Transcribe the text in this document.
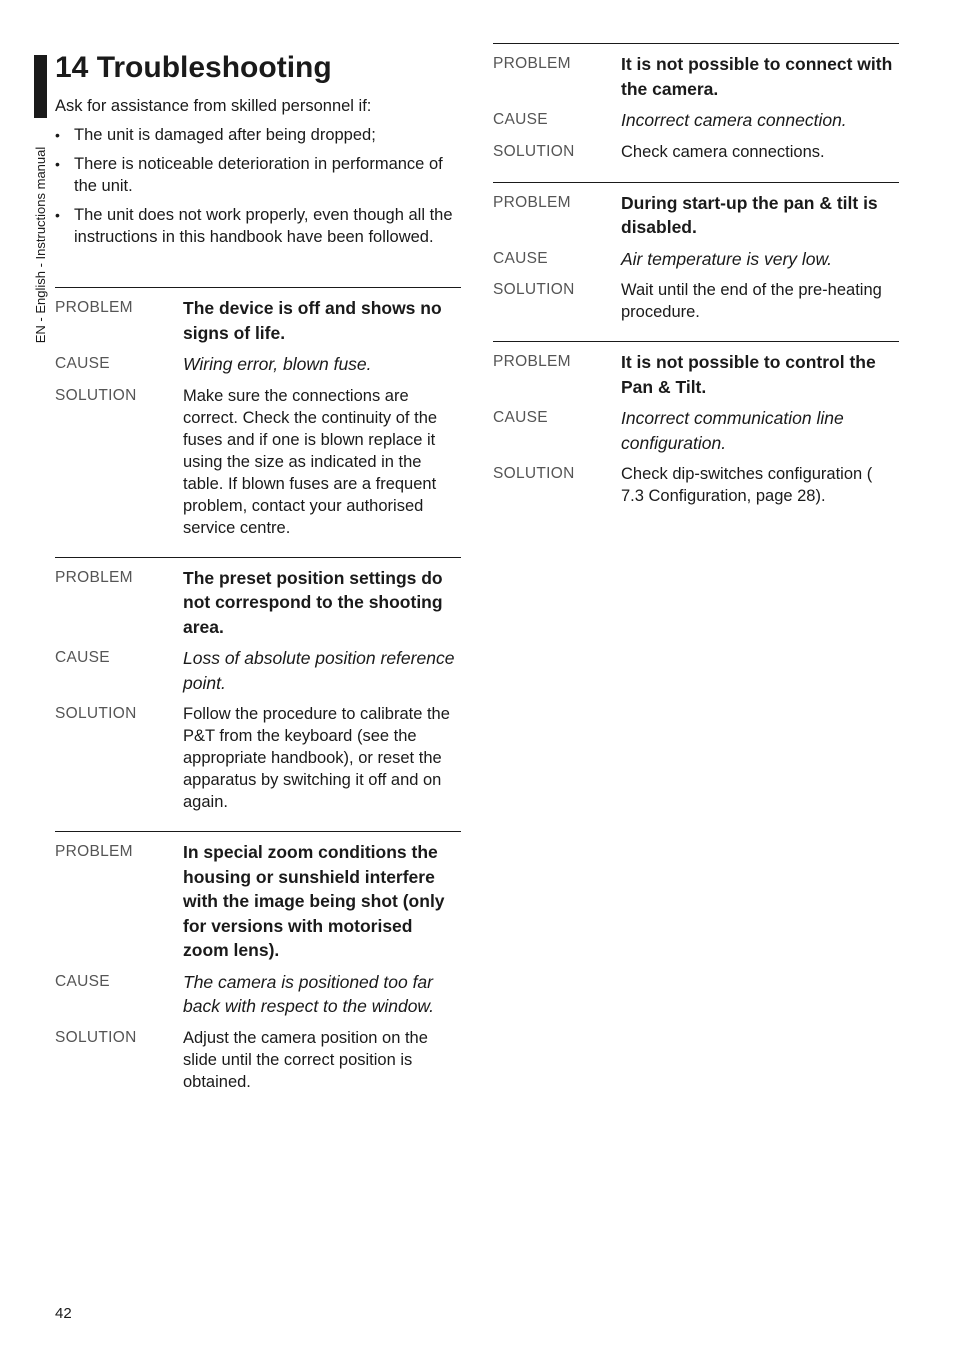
EN - English - Instructions manual
14 Troubleshooting

Ask for assistance from skilled personnel if:

• The unit is damaged after being dropped;
• There is noticeable deterioration in performance of the unit.
• The unit does not work properly, even though all the instructions in this handbook have been followed.
PROBLEM	The device is off and shows no signs of life.
CAUSE	Wiring error, blown fuse.
SOLUTION	Make sure the connections are correct. Check the continuity of the fuses and if one is blown replace it using the size as indicated in the table. If blown fuses are a frequent problem, contact your authorised service centre.
PROBLEM	The preset position settings do not correspond to the shooting area.
CAUSE	Loss of absolute position reference point.
SOLUTION	Follow the procedure to calibrate the P&T from the keyboard (see the appropriate handbook), or reset the apparatus by switching it off and on again.
PROBLEM	In special zoom conditions the housing or sunshield interfere with the image being shot (only for versions with motorised zoom lens).
CAUSE	The camera is positioned too far back with respect to the window.
SOLUTION	Adjust the camera position on the slide until the correct position is obtained.
PROBLEM	It is not possible to connect with the camera.
CAUSE	Incorrect camera connection.
SOLUTION	Check camera connections.
PROBLEM	During start-up the pan & tilt is disabled.
CAUSE	Air temperature is very low.
SOLUTION	Wait until the end of the pre-heating procedure.
PROBLEM	It is not possible to control the Pan & Tilt.
CAUSE	Incorrect communication line configuration.
SOLUTION	Check dip-switches configuration ( 7.3 Configuration, page 28).
42
